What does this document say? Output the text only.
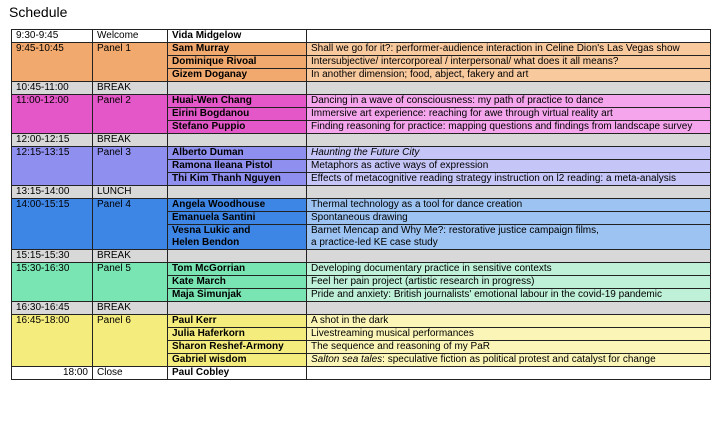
Schedule
9:30-9:45	Welcome	Vida Midgelow	
9:45-10:45	Panel 1	Sam Murray	Shall we go for it?: performer-audience interaction in Celine Dion's Las Vegas show
		Dominique Rivoal	Intersubjective/ intercorporeal / interpersonal/ what does it all means?
		Gizem Doganay	In another dimension; food, abject, fakery and art
10:45-11:00	BREAK		
11:00-12:00	Panel 2	Huai-Wen Chang	Dancing in a wave of consciousness: my path of practice to dance
		Eirini Bogdanou	Immersive art experience: reaching for awe through virtual reality art
		Stefano Puppio	Finding reasoning for practice: mapping questions and findings from landscape survey
12:00-12:15	BREAK		
12:15-13:15	Panel 3	Alberto Duman	Haunting the Future City
		Ramona Ileana Pistol	Metaphors as active ways of expression
		Thi Kim Thanh Nguyen	Effects of metacognitive reading strategy instruction on l2 reading: a meta-analysis
13:15-14:00	LUNCH		
14:00-15:15	Panel 4	Angela Woodhouse	Thermal technology as a tool for dance creation
		Emanuela Santini	Spontaneous drawing
		Vesna Lukic and	Barnet Mencap and Why Me?: restorative justice campaign films,
		Helen Bendon	a practice-led KE case study
15:15-15:30	BREAK		
15:30-16:30	Panel 5	Tom McGorrian	Developing documentary practice in sensitive contexts
		Kate March	Feel her pain project (artistic research in progress)
		Maja Šimunjak	Pride and anxiety: British journalists' emotional labour in the covid-19 pandemic
16:30-16:45	BREAK		
16:45-18:00	Panel 6	Paul Kerr	A shot in the dark
		Julia Haferkorn	Livestreaming musical performances
		Sharon Reshef-Armony	The sequence and reasoning of my PaR
		Gabriel wisdom	Salton sea tales: speculative fiction as political protest and catalyst for change
18:00	Close	Paul Cobley	
